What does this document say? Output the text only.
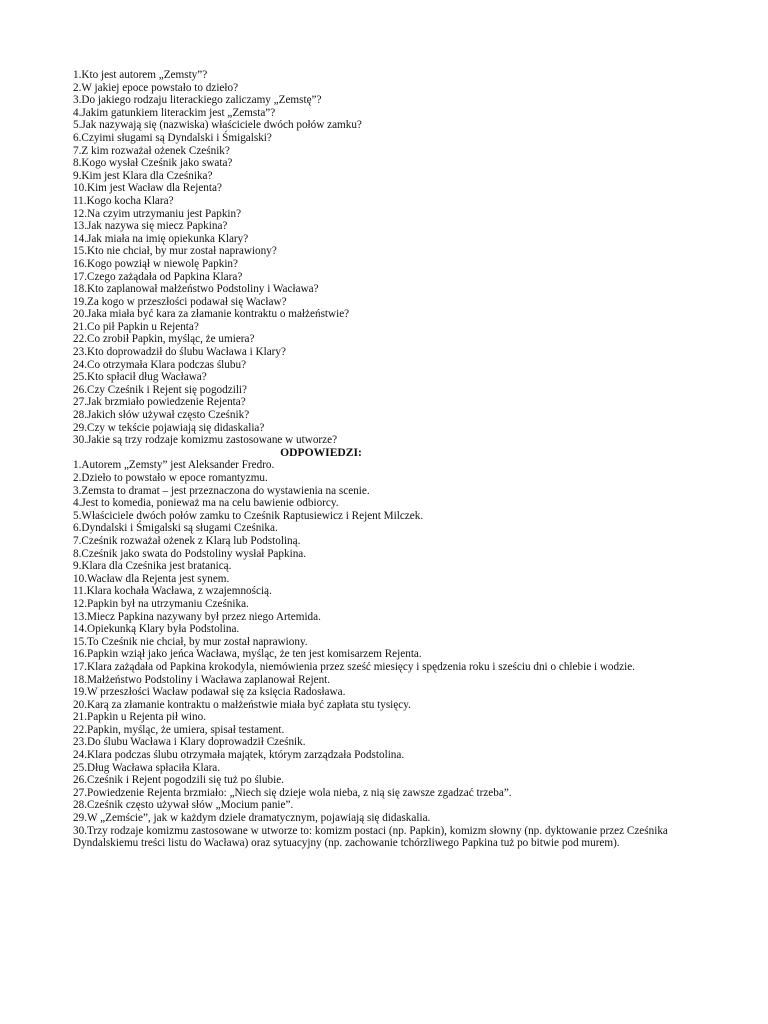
1.Kto jest autorem „Zemsty”?
2.W jakiej epoce powstało to dzieło?
3.Do jakiego rodzaju literackiego zaliczamy „Zemstę”?
4.Jakim gatunkiem literackim jest „Zemsta”?
5.Jak nazywają się (nazwiska) właściciele dwóch połów zamku?
6.Czyimi sługami są Dyndalski i Śmigalski?
7.Z kim rozważał ożenek Cześnik?
8.Kogo wysłał Cześnik jako swata?
9.Kim jest Klara dla Cześnika?
10.Kim jest Wacław dla Rejenta?
11.Kogo kocha Klara?
12.Na czyim utrzymaniu jest Papkin?
13.Jak nazywa się miecz Papkina?
14.Jak miała na imię opiekunka Klary?
15.Kto nie chciał, by mur został naprawiony?
16.Kogo powziął w niewolę Papkin?
17.Czego zażądała od Papkina Klara?
18.Kto zaplanował małżeństwo Podstoliny i Wacława?
19.Za kogo w przeszłości podawał się Wacław?
20.Jaka miała być kara za złamanie kontraktu o małżeństwie?
21.Co pił Papkin u Rejenta?
22.Co zrobił Papkin, myśląc, że umiera?
23.Kto doprowadził do ślubu Wacława i Klary?
24.Co otrzymała Klara podczas ślubu?
25.Kto spłacił dług Wacława?
26.Czy Cześnik i Rejent się pogodzili?
27.Jak brzmiało powiedzenie Rejenta?
28.Jakich słów używał często Cześnik?
29.Czy w tekście pojawiają się didaskalia?
30.Jakie są trzy rodzaje komizmu zastosowane w utworze?
ODPOWIEDZI:
1.Autorem „Zemsty” jest Aleksander Fredro.
2.Dzieło to powstało w epoce romantyzmu.
3.Zemsta to dramat – jest przeznaczona do wystawienia na scenie.
4.Jest to komedia, ponieważ ma na celu bawienie odbiorcy.
5.Właściciele dwóch połów zamku to Cześnik Raptusiewicz i Rejent Milczek.
6.Dyndalski i Śmigalski są sługami Cześnika.
7.Cześnik rozważał ożenek z Klarą lub Podstoliną.
8.Cześnik jako swata do Podstoliny wysłał Papkina.
9.Klara dla Cześnika jest bratanicą.
10.Wacław dla Rejenta jest synem.
11.Klara kochała Wacława, z wzajemnością.
12.Papkin był na utrzymaniu Cześnika.
13.Miecz Papkina nazywany był przez niego Artemida.
14.Opiekunką Klary była Podstolina.
15.To Cześnik nie chciał, by mur został naprawiony.
16.Papkin wziął jako jeńca Wacława, myśląc, że ten jest komisarzem Rejenta.
17.Klara zażądała od Papkina krokodyla, niemówienia przez sześć miesięcy i spędzenia roku i sześciu dni o chlebie i wodzie.
18.Małżeństwo Podstoliny i Wacława zaplanował Rejent.
19.W przeszłości Wacław podawał się za księcia Radosława.
20.Karą za złamanie kontraktu o małżeństwie miała być zapłata stu tysięcy.
21.Papkin u Rejenta pił wino.
22.Papkin, myśląc, że umiera, spisał testament.
23.Do ślubu Wacława i Klary doprowadził Cześnik.
24.Klara podczas ślubu otrzymała majątek, którym zarządzała Podstolina.
25.Dług Wacława spłaciła Klara.
26.Cześnik i Rejent pogodzili się tuż po ślubie.
27.Powiedzenie Rejenta brzmiało: „Niech się dzieje wola nieba, z nią się zawsze zgadzać trzeba”.
28.Cześnik często używał słów „Mocium panie”.
29.W „Zemście”, jak w każdym dziele dramatycznym, pojawiają się didaskalia.
30.Trzy rodzaje komizmu zastosowane w utworze to: komizm postaci (np. Papkin), komizm słowny (np. dyktowanie przez Cześnika Dyndalskiemu treści listu do Wacława) oraz sytuacyjny (np. zachowanie tchórzliwego Papkina tuż po bitwie pod murem).
